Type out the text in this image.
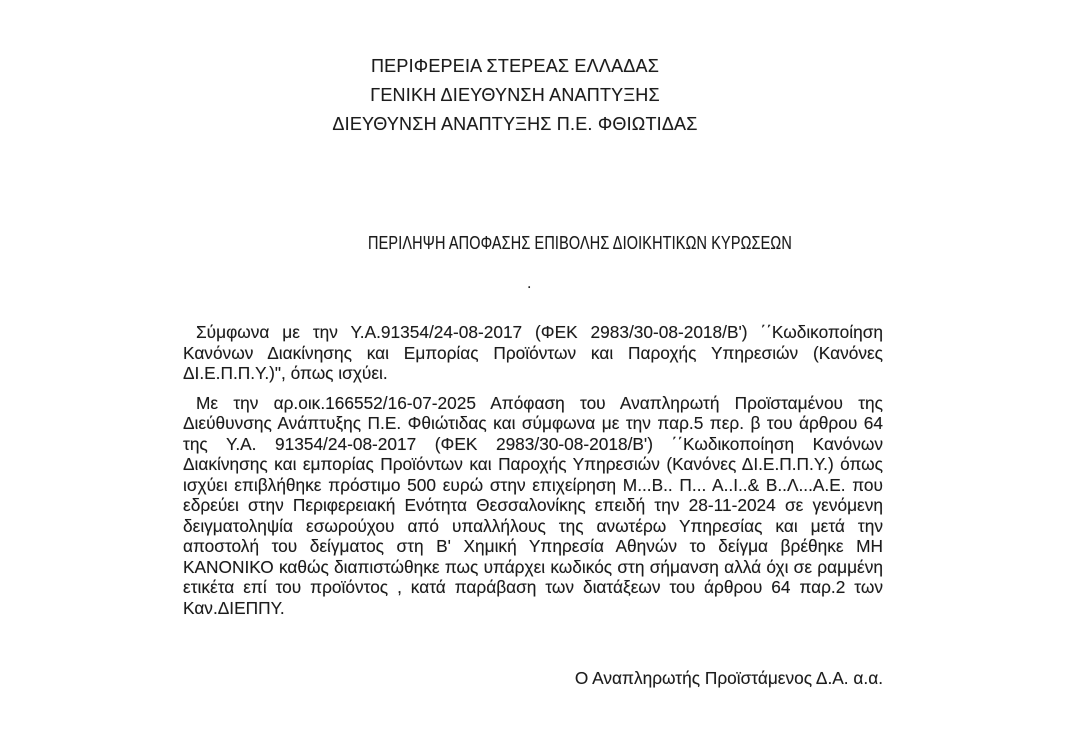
ΠΕΡΙΦΕΡΕΙΑ ΣΤΕΡΕΑΣ ΕΛΛΑΔΑΣ
ΓΕΝΙΚΗ ΔΙΕΥΘΥΝΣΗ ΑΝΑΠΤΥΞΗΣ
ΔΙΕΥΘΥΝΣΗ ΑΝΑΠΤΥΞΗΣ Π.Ε. ΦΘΙΩΤΙΔΑΣ
ΠΕΡΙΛΗΨΗ ΑΠΟΦΑΣΗΣ ΕΠΙΒΟΛΗΣ ΔΙΟΙΚΗΤΙΚΩΝ ΚΥΡΩΣΕΩΝ
.

Σύμφωνα με την Υ.Α.91354/24-08-2017 (ΦΕΚ 2983/30-08-2018/Β') ΄΄Κωδικοποίηση Κανόνων Διακίνησης και Εμπορίας Προϊόντων και Παροχής Υπηρεσιών (Κανόνες ΔΙ.Ε.Π.Π.Υ.)", όπως ισχύει.

Με την αρ.οικ.166552/16-07-2025 Απόφαση του Αναπληρωτή Προϊσταμένου της Διεύθυνσης Ανάπτυξης Π.Ε. Φθιώτιδας και σύμφωνα με την παρ.5 περ. β του άρθρου 64 της Υ.Α. 91354/24-08-2017 (ΦΕΚ 2983/30-08-2018/Β') ΄΄Κωδικοποίηση Κανόνων Διακίνησης και εμπορίας Προϊόντων και Παροχής Υπηρεσιών (Κανόνες ΔΙ.Ε.Π.Π.Υ.) όπως ισχύει επιβλήθηκε πρόστιμο 500 ευρώ στην επιχείρηση Μ...Β.. Π... Α..Ι..& Β..Λ...Α.Ε. που εδρεύει στην Περιφερειακή Ενότητα Θεσσαλονίκης επειδή την 28-11-2024 σε γενόμενη δειγματοληψία εσωρούχου από υπαλλήλους της ανωτέρω Υπηρεσίας και μετά την αποστολή του δείγματος στη Β' Χημική Υπηρεσία Αθηνών το δείγμα βρέθηκε ΜΗ ΚΑΝΟΝΙΚΟ καθώς διαπιστώθηκε πως υπάρχει κωδικός στη σήμανση αλλά όχι σε ραμμένη ετικέτα επί του προϊόντος , κατά παράβαση των διατάξεων του άρθρου 64 παρ.2 των Καν.ΔΙΕΠΠΥ.

Ο Αναπληρωτής Προϊστάμενος Δ.Α. α.α.
